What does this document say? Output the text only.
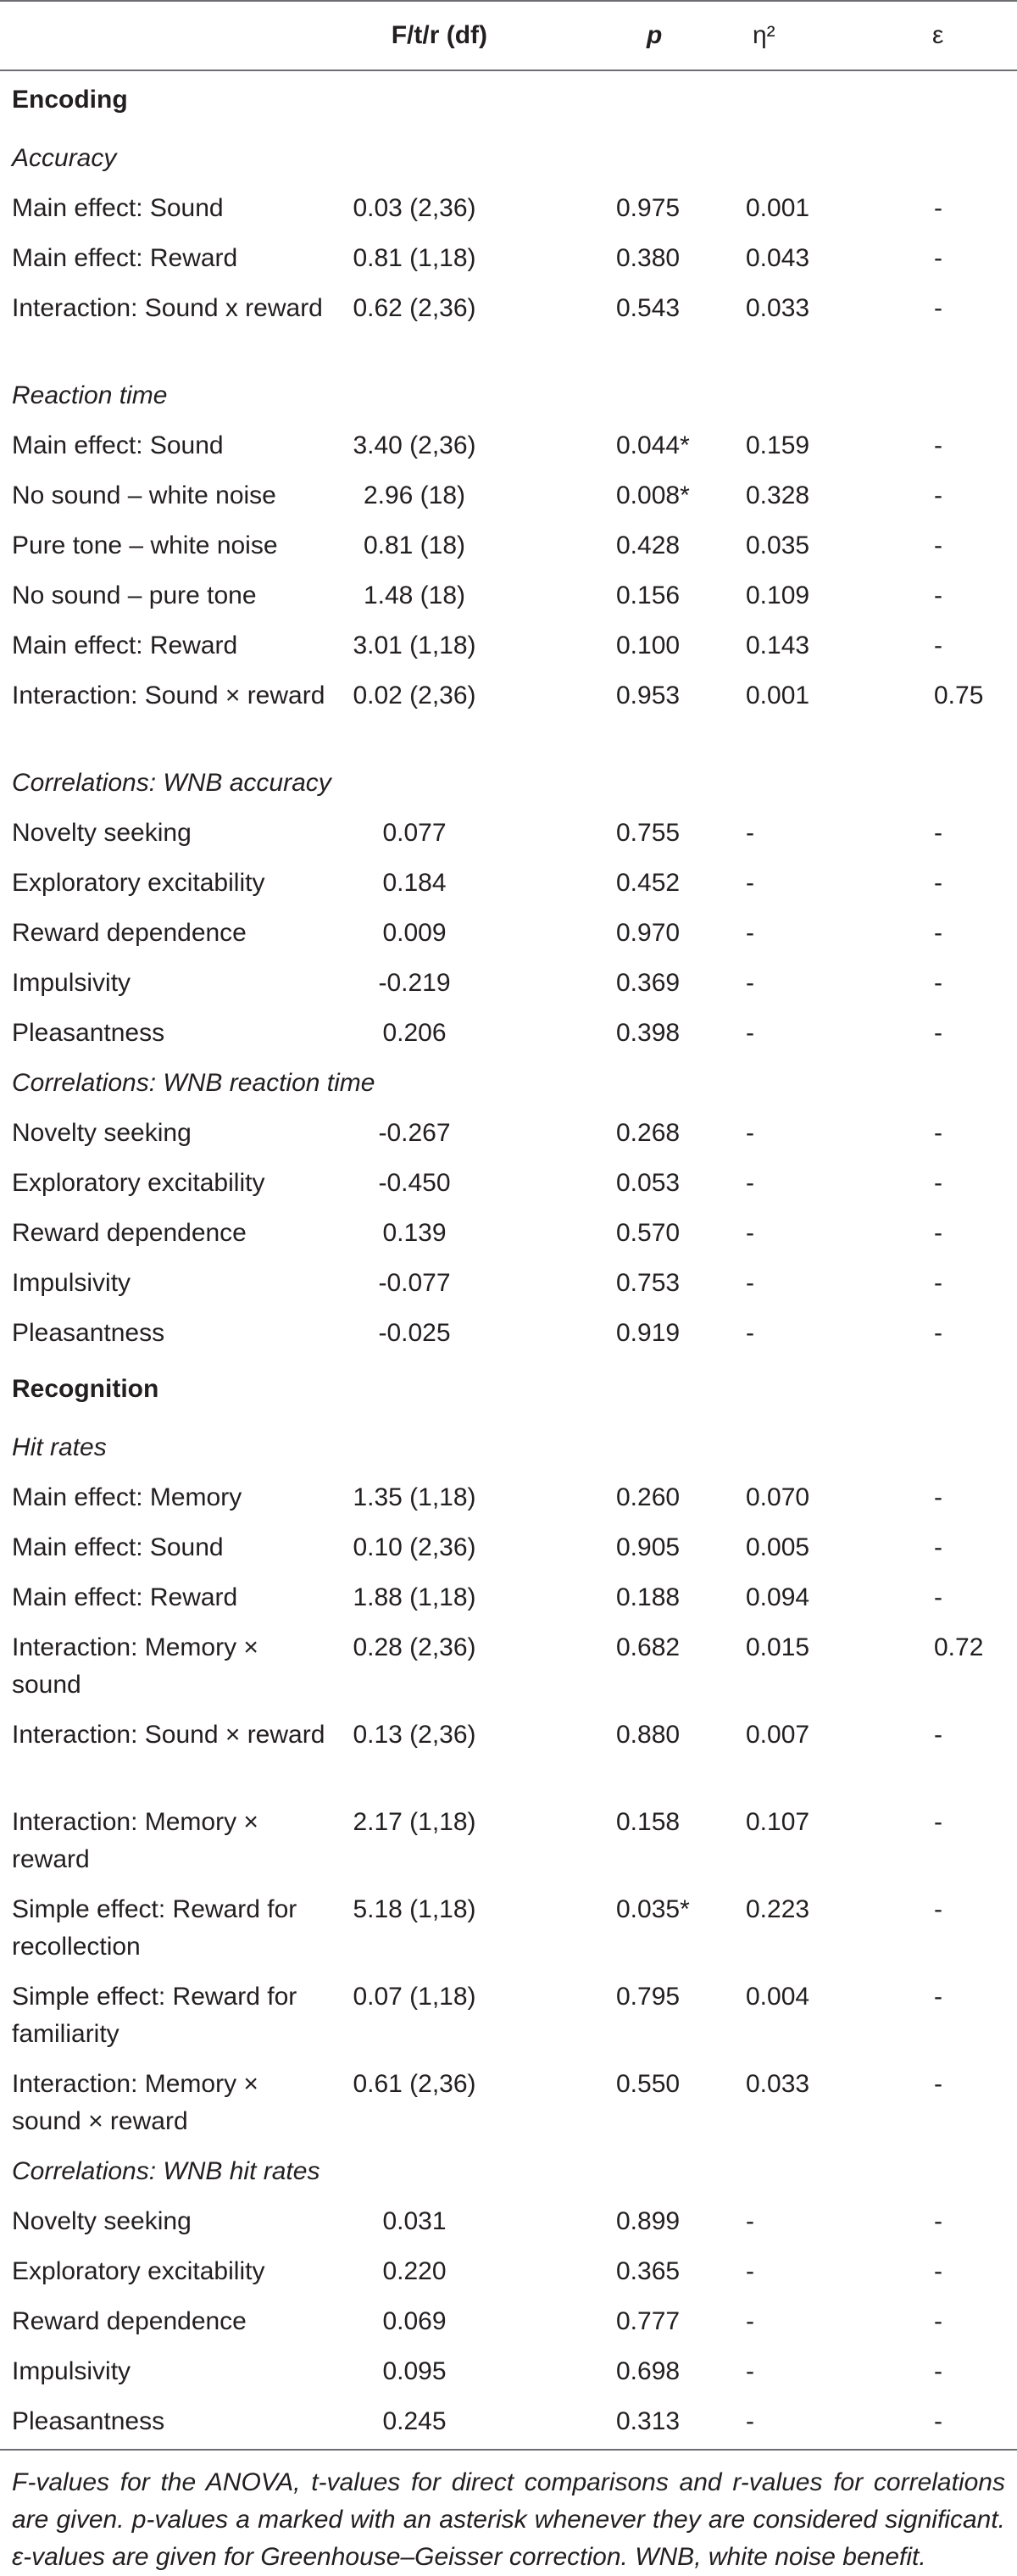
	F/t/r (df)	p	η²	ε
Encoding				
Accuracy				
Main effect: Sound	0.03 (2,36)	0.975	0.001	-
Main effect: Reward	0.81 (1,18)	0.380	0.043	-
Interaction: Sound x reward	0.62 (2,36)	0.543	0.033	-
Reaction time				
Main effect: Sound	3.40 (2,36)	0.044*	0.159	-
No sound – white noise	2.96 (18)	0.008*	0.328	-
Pure tone – white noise	0.81 (18)	0.428	0.035	-
No sound – pure tone	1.48 (18)	0.156	0.109	-
Main effect: Reward	3.01 (1,18)	0.100	0.143	-
Interaction: Sound × reward	0.02 (2,36)	0.953	0.001	0.75
Correlations: WNB accuracy				
Novelty seeking	0.077	0.755	-	-
Exploratory excitability	0.184	0.452	-	-
Reward dependence	0.009	0.970	-	-
Impulsivity	-0.219	0.369	-	-
Pleasantness	0.206	0.398	-	-
Correlations: WNB reaction time				
Novelty seeking	-0.267	0.268	-	-
Exploratory excitability	-0.450	0.053	-	-
Reward dependence	0.139	0.570	-	-
Impulsivity	-0.077	0.753	-	-
Pleasantness	-0.025	0.919	-	-
Recognition				
Hit rates				
Main effect: Memory	1.35 (1,18)	0.260	0.070	-
Main effect: Sound	0.10 (2,36)	0.905	0.005	-
Main effect: Reward	1.88 (1,18)	0.188	0.094	-
Interaction: Memory × sound	0.28 (2,36)	0.682	0.015	0.72
Interaction: Sound × reward	0.13 (2,36)	0.880	0.007	-
Interaction: Memory × reward	2.17 (1,18)	0.158	0.107	-
Simple effect: Reward for recollection	5.18 (1,18)	0.035*	0.223	-
Simple effect: Reward for familiarity	0.07 (1,18)	0.795	0.004	-
Interaction: Memory × sound × reward	0.61 (2,36)	0.550	0.033	-
Correlations: WNB hit rates				
Novelty seeking	0.031	0.899	-	-
Exploratory excitability	0.220	0.365	-	-
Reward dependence	0.069	0.777	-	-
Impulsivity	0.095	0.698	-	-
Pleasantness	0.245	0.313	-	-
F-values for the ANOVA, t-values for direct comparisons and r-values for correlations are given. p-values a marked with an asterisk whenever they are considered significant. ε-values are given for Greenhouse–Geisser correction. WNB, white noise benefit.
